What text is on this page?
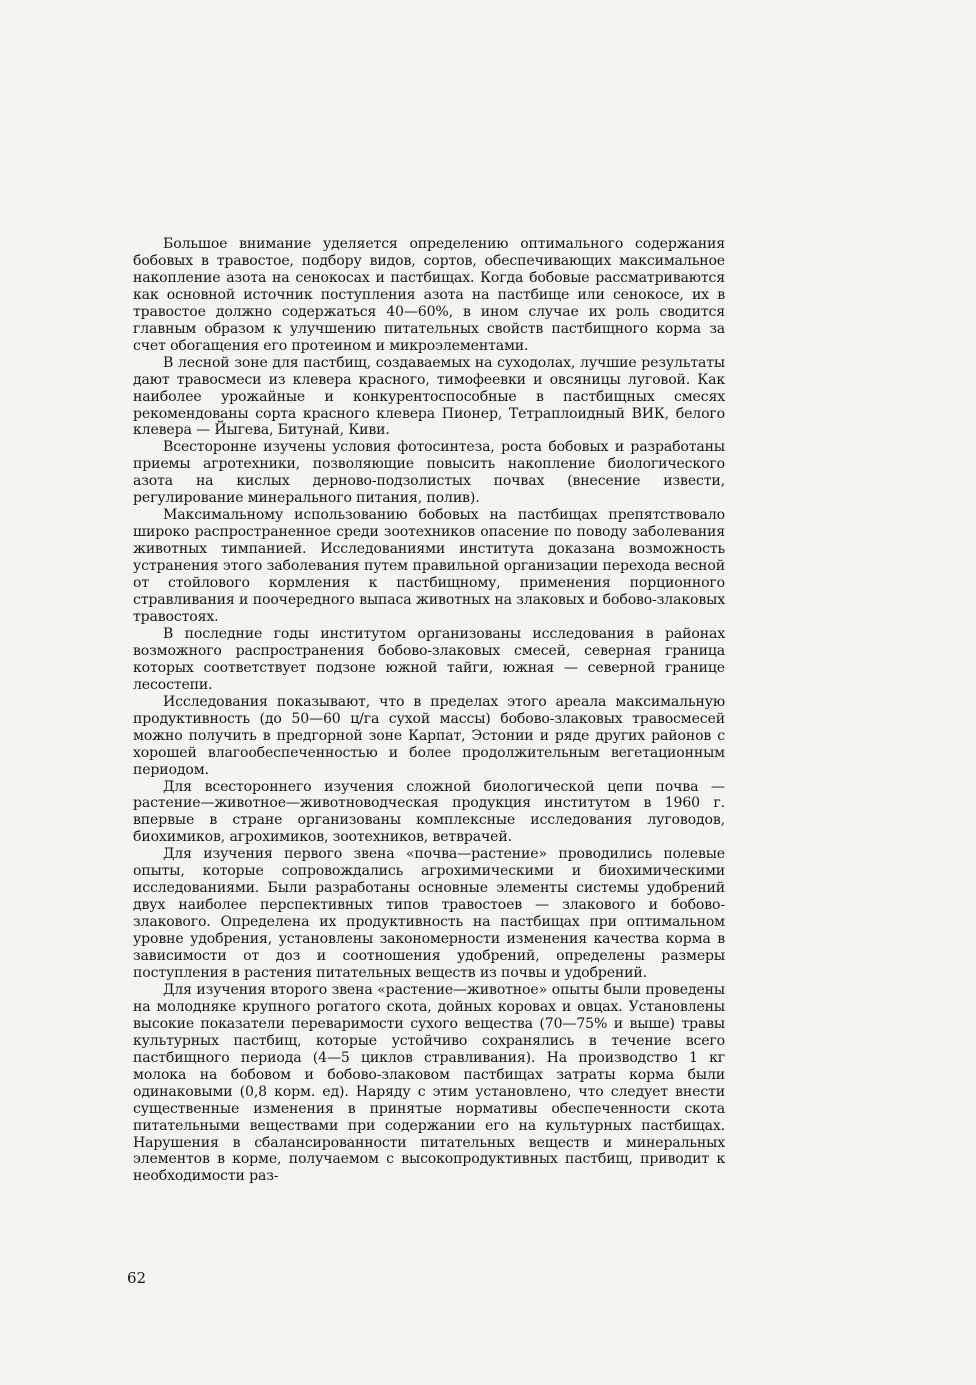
Большое внимание уделяется определению оптимального содержания бобовых в травостое, подбору видов, сортов, обеспечивающих максимальное накопление азота на сенокосах и пастбищах. Когда бобовые рассматриваются как основной источник поступления азота на пастбище или сенокосе, их в травостое должно содержаться 40—60%, в ином случае их роль сводится главным образом к улучшению питательных свойств пастбищного корма за счет обогащения его протеином и микроэлементами.

В лесной зоне для пастбищ, создаваемых на суходолах, лучшие результаты дают травосмеси из клевера красного, тимофеевки и овсяницы луговой. Как наиболее урожайные и конкурентоспособные в пастбищных смесях рекомендованы сорта красного клевера Пионер, Тетраплоидный ВИК, белого клевера — Йыгева, Битунай, Киви.

Всесторонне изучены условия фотосинтеза, роста бобовых и разработаны приемы агротехники, позволяющие повысить накопление биологического азота на кислых дерново-подзолистых почвах (внесение извести, регулирование минерального питания, полив).

Максимальному использованию бобовых на пастбищах препятствовало широко распространенное среди зоотехников опасение по поводу заболевания животных тимпанией. Исследованиями института доказана возможность устранения этого заболевания путем правильной организации перехода весной от стойлового кормления к пастбищному, применения порционного стравливания и поочередного выпаса животных на злаковых и бобово-злаковых травостоях.

В последние годы институтом организованы исследования в районах возможного распространения бобово-злаковых смесей, северная граница которых соответствует подзоне южной тайги, южная — северной границе лесостепи.

Исследования показывают, что в пределах этого ареала максимальную продуктивность (до 50—60 ц/га сухой массы) бобово-злаковых травосмесей можно получить в предгорной зоне Карпат, Эстонии и ряде других районов с хорошей влагообеспеченностью и более продолжительным вегетационным периодом.

Для всестороннего изучения сложной биологической цепи почва — растение—животное—животноводческая продукция институтом в 1960 г. впервые в стране организованы комплексные исследования луговодов, биохимиков, агрохимиков, зоотехников, ветврачей.

Для изучения первого звена «почва—растение» проводились полевые опыты, которые сопровождались агрохимическими и биохимическими исследованиями. Были разработаны основные элементы системы удобрений двух наиболее перспективных типов травостоев — злакового и бобово-злакового. Определена их продуктивность на пастбищах при оптимальном уровне удобрения, установлены закономерности изменения качества корма в зависимости от доз и соотношения удобрений, определены размеры поступления в растения питательных веществ из почвы и удобрений.

Для изучения второго звена «растение—животное» опыты были проведены на молодняке крупного рогатого скота, дойных коровах и овцах. Установлены высокие показатели переваримости сухого вещества (70—75% и выше) травы культурных пастбищ, которые устойчиво сохранялись в течение всего пастбищного периода (4—5 циклов стравливания). На производство 1 кг молока на бобовом и бобово-злаковом пастбищах затраты корма были одинаковыми (0,8 корм. ед). Наряду с этим установлено, что следует внести существенные изменения в принятые нормативы обеспеченности скота питательными веществами при содержании его на культурных пастбищах. Нарушения в сбалансированности питательных веществ и минеральных элементов в корме, получаемом с высокопродуктивных пастбищ, приводит к необходимости раз-

62
